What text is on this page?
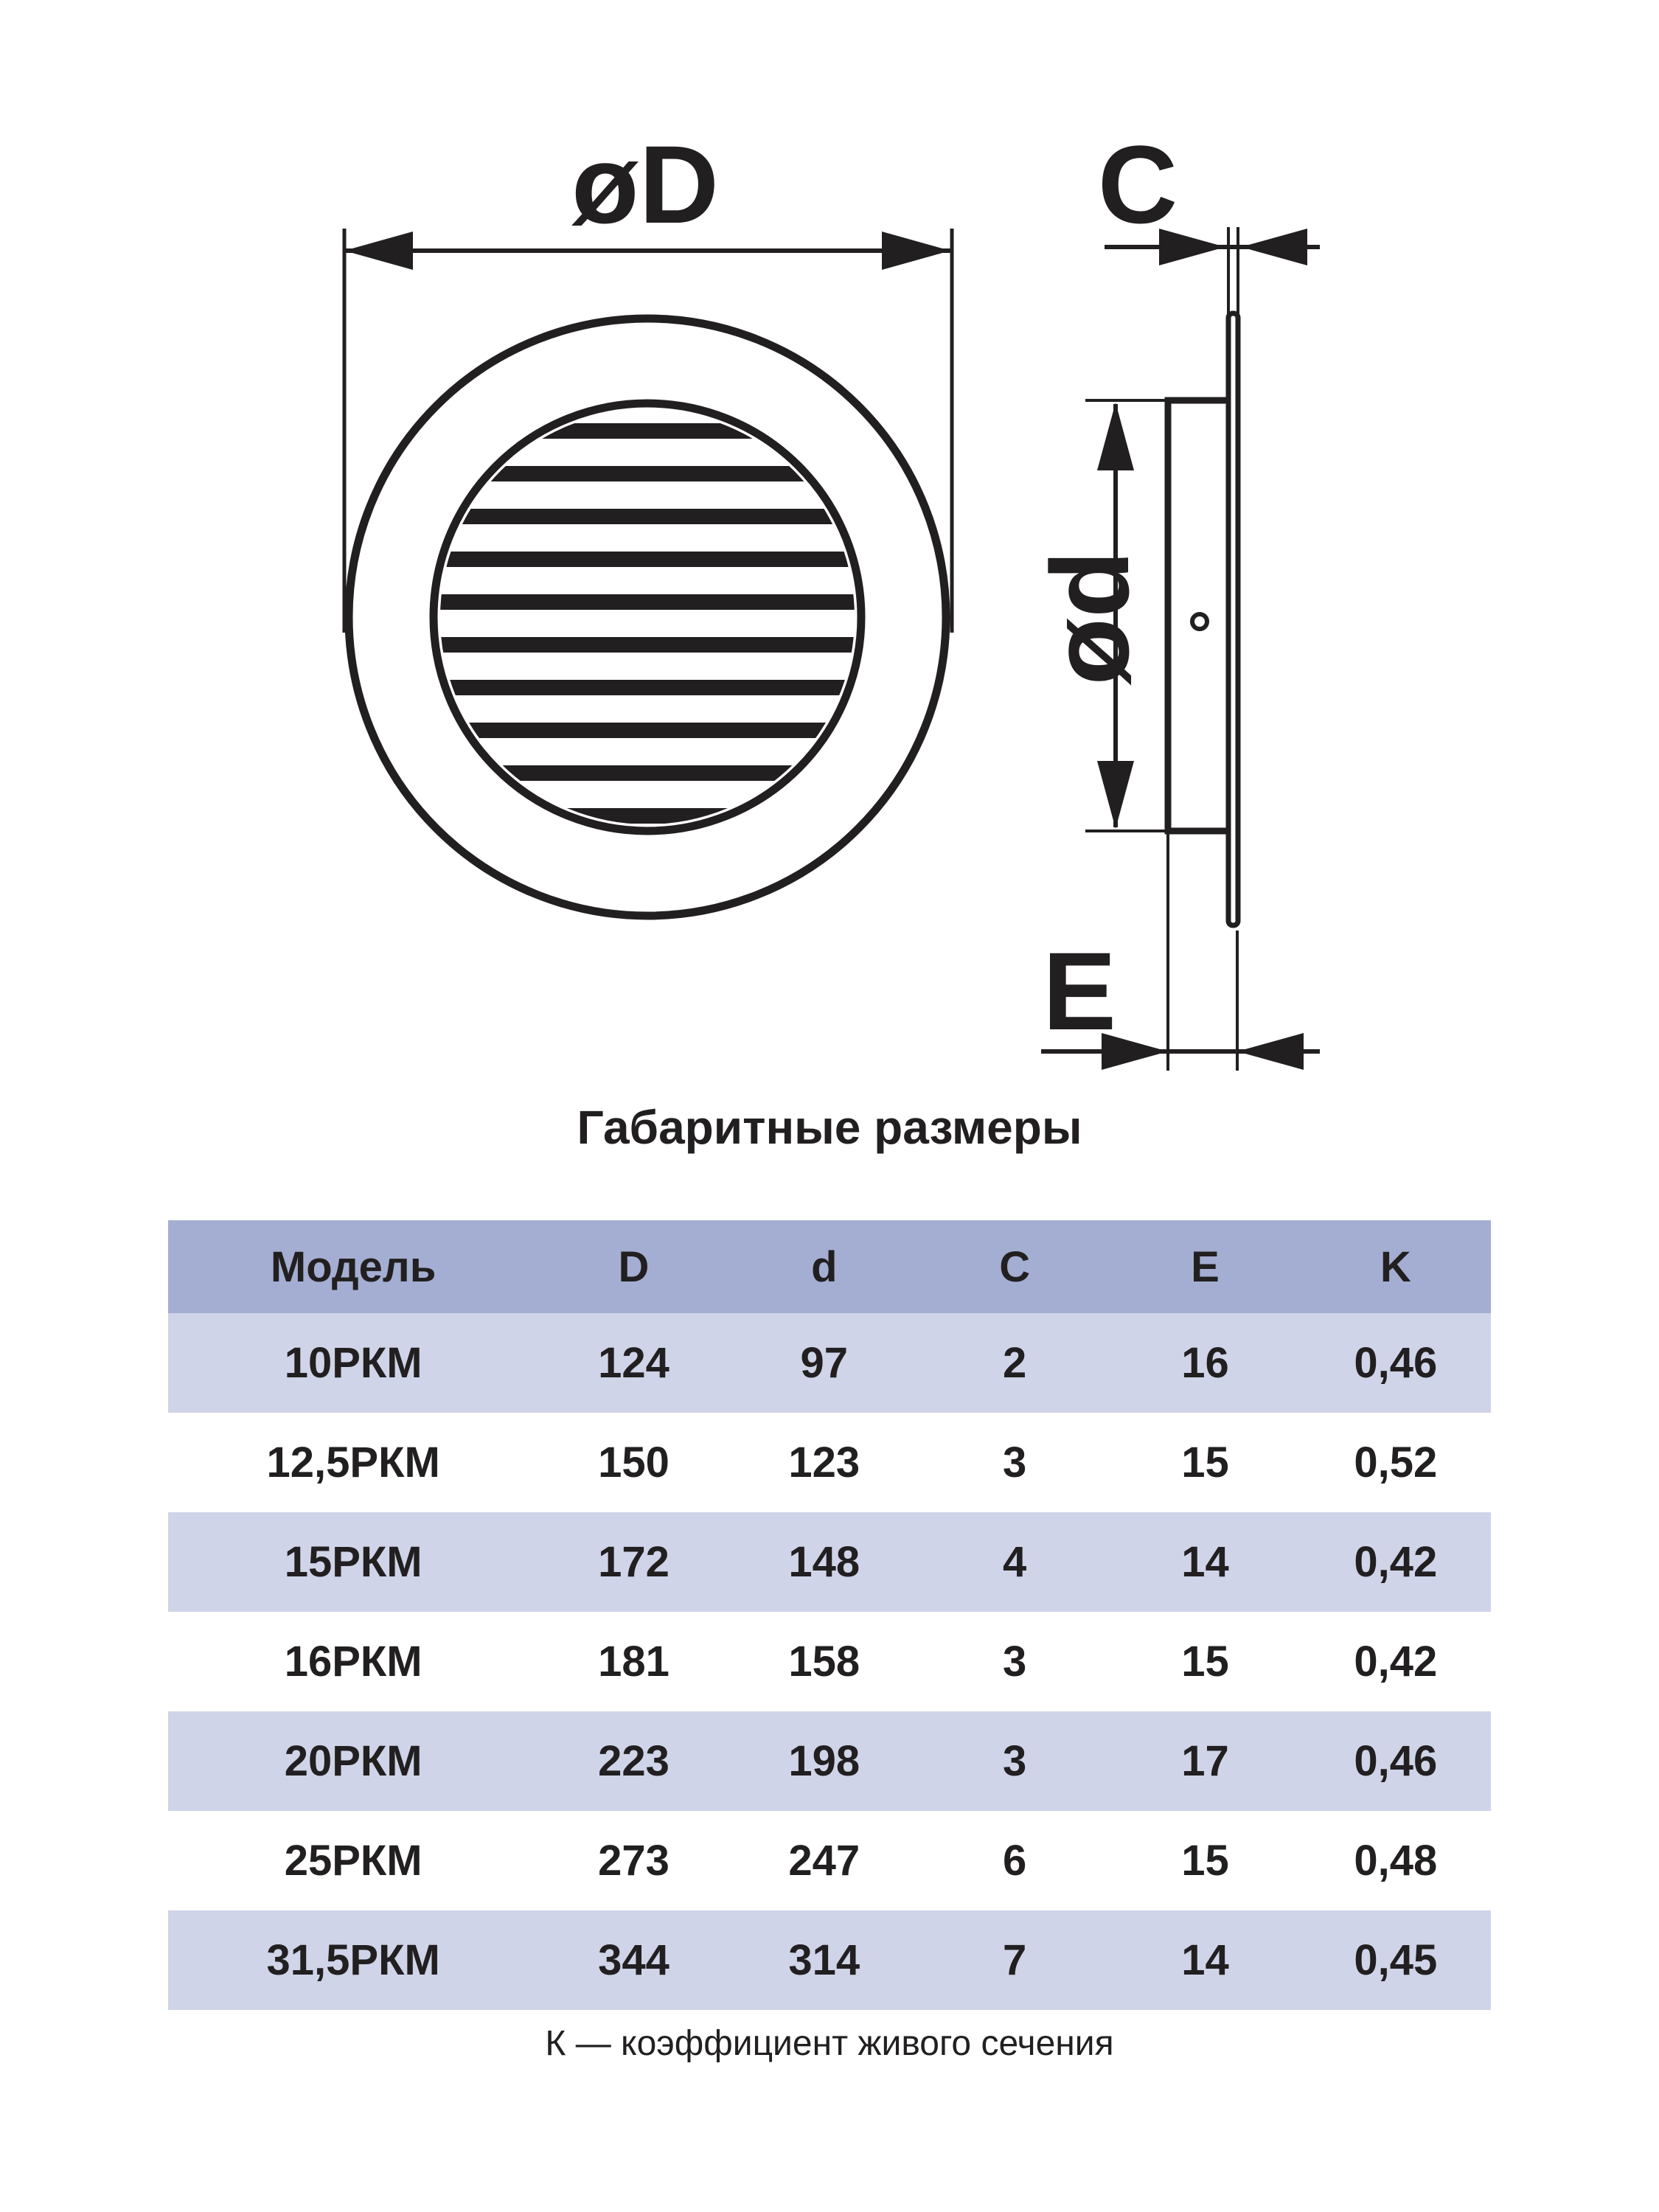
øD	C
ød
E
Габаритные размеры
Модель	D	d	C	E	K
10РКМ	124	97	2	16	0,46
12,5РКМ	150	123	3	15	0,52
15РКМ	172	148	4	14	0,42
16РКМ	181	158	3	15	0,42
20РКМ	223	198	3	17	0,46
25РКМ	273	247	6	15	0,48
31,5РКМ	344	314	7	14	0,45
К — коэффициент живого сечения
